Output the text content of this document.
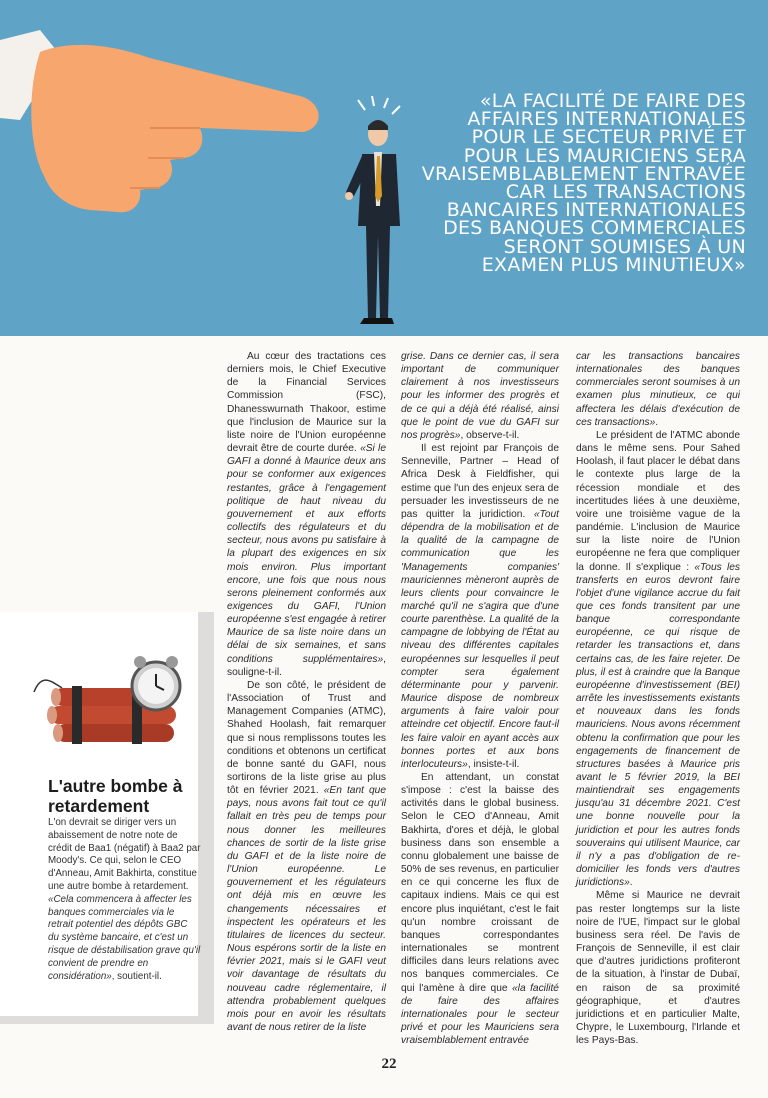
«LA FACILITÉ DE FAIRE DES AFFAIRES INTERNATIONALES POUR LE SECTEUR PRIVÉ ET POUR LES MAURICIENS SERA VRAISEMBLABLEMENT ENTRAVÉE CAR LES TRANSACTIONS BANCAIRES INTERNATIONALES DES BANQUES COMMERCIALES SERONT SOUMISES À UN EXAMEN PLUS MINUTIEUX»
L'autre bombe à retardement
L'on devrait se diriger vers un abaissement de notre note de crédit de Baa1 (négatif) à Baa2 par Moody's. Ce qui, selon le CEO d'Anneau, Amit Bakhirta, constitue une autre bombe à retardement. «Cela commencera à affecter les banques commerciales via le retrait potentiel des dépôts GBC du système bancaire, et c'est un risque de déstabilisation grave qu'il convient de prendre en considération», soutient-il.

Au cœur des tractations ces derniers mois, le Chief Executive de la Financial Services Commission (FSC), Dhanesswurnath Thakoor, estime que l'inclusion de Maurice sur la liste noire de l'Union européenne devrait être de courte durée. «Si le GAFI a donné à Maurice deux ans pour se conformer aux exigences restantes, grâce à l'engagement politique de haut niveau du gouvernement et aux efforts collectifs des régulateurs et du secteur, nous avons pu satisfaire à la plupart des exigences en six mois environ. Plus important encore, une fois que nous nous serons pleinement conformés aux exigences du GAFI, l'Union européenne s'est engagée à retirer Maurice de sa liste noire dans un délai de six semaines, et sans conditions supplémentaires», souligne-t-il.

De son côté, le président de l'Association of Trust and Management Companies (ATMC), Shahed Hoolash, fait remarquer que si nous remplissons toutes les conditions et obtenons un certificat de bonne santé du GAFI, nous sortirons de la liste grise au plus tôt en février 2021. «En tant que pays, nous avons fait tout ce qu'il fallait en très peu de temps pour nous donner les meilleures chances de sortir de la liste grise du GAFI et de la liste noire de l'Union européenne. Le gouvernement et les régulateurs ont déjà mis en œuvre les changements nécessaires et inspectent les opérateurs et les titulaires de licences du secteur. Nous espérons sortir de la liste en février 2021, mais si le GAFI veut voir davantage de résultats du nouveau cadre réglementaire, il attendra probablement quelques mois pour en avoir les résultats avant de nous retirer de la liste

grise. Dans ce dernier cas, il sera important de communiquer clairement à nos investisseurs pour les informer des progrès et de ce qui a déjà été réalisé, ainsi que le point de vue du GAFI sur nos progrès», observe-t-il.

Il est rejoint par François de Senneville, Partner – Head of Africa Desk à Fieldfisher, qui estime que l'un des enjeux sera de persuader les investisseurs de ne pas quitter la juridiction. «Tout dépendra de la mobilisation et de la qualité de la campagne de communication que les 'Managements companies' mauriciennes mèneront auprès de leurs clients pour convaincre le marché qu'il ne s'agira que d'une courte parenthèse. La qualité de la campagne de lobbying de l'État au niveau des différentes capitales européennes sur lesquelles il peut compter sera également déterminante pour y parvenir. Maurice dispose de nombreux arguments à faire valoir pour atteindre cet objectif. Encore faut-il les faire valoir en ayant accès aux bonnes portes et aux bons interlocuteurs», insiste-t-il.

En attendant, un constat s'impose : c'est la baisse des activités dans le global business. Selon le CEO d'Anneau, Amit Bakhirta, d'ores et déjà, le global business dans son ensemble a connu globalement une baisse de 50% de ses revenus, en particulier en ce qui concerne les flux de capitaux indiens. Mais ce qui est encore plus inquiétant, c'est le fait qu'un nombre croissant de banques correspondantes internationales se montrent difficiles dans leurs relations avec nos banques commerciales. Ce qui l'amène à dire que «la facilité de faire des affaires internationales pour le secteur privé et pour les Mauriciens sera vraisemblablement entravée

car les transactions bancaires internationales des banques commerciales seront soumises à un examen plus minutieux, ce qui affectera les délais d'exécution de ces transactions».

Le président de l'ATMC abonde dans le même sens. Pour Sahed Hoolash, il faut placer le débat dans le contexte plus large de la récession mondiale et des incertitudes liées à une deuxième, voire une troisième vague de la pandémie. L'inclusion de Maurice sur la liste noire de l'Union européenne ne fera que compliquer la donne. Il s'explique : «Tous les transferts en euros devront faire l'objet d'une vigilance accrue du fait que ces fonds transitent par une banque correspondante européenne, ce qui risque de retarder les transactions et, dans certains cas, de les faire rejeter. De plus, il est à craindre que la Banque européenne d'investissement (BEI) arrête les investissements existants et nouveaux dans les fonds mauriciens. Nous avons récemment obtenu la confirmation que pour les engagements de financement de structures basées à Maurice pris avant le 5 février 2019, la BEI maintiendrait ses engagements jusqu'au 31 décembre 2021. C'est une bonne nouvelle pour la juridiction et pour les autres fonds souverains qui utilisent Maurice, car il n'y a pas d'obligation de re-domicilier les fonds vers d'autres juridictions».

Même si Maurice ne devrait pas rester longtemps sur la liste noire de l'UE, l'impact sur le global business sera réel. De l'avis de François de Senneville, il est clair que d'autres juridictions profiteront de la situation, à l'instar de Dubaï, en raison de sa proximité géographique, et d'autres juridictions et en particulier Malte, Chypre, le Luxembourg, l'Irlande et les Pays-Bas.

22
